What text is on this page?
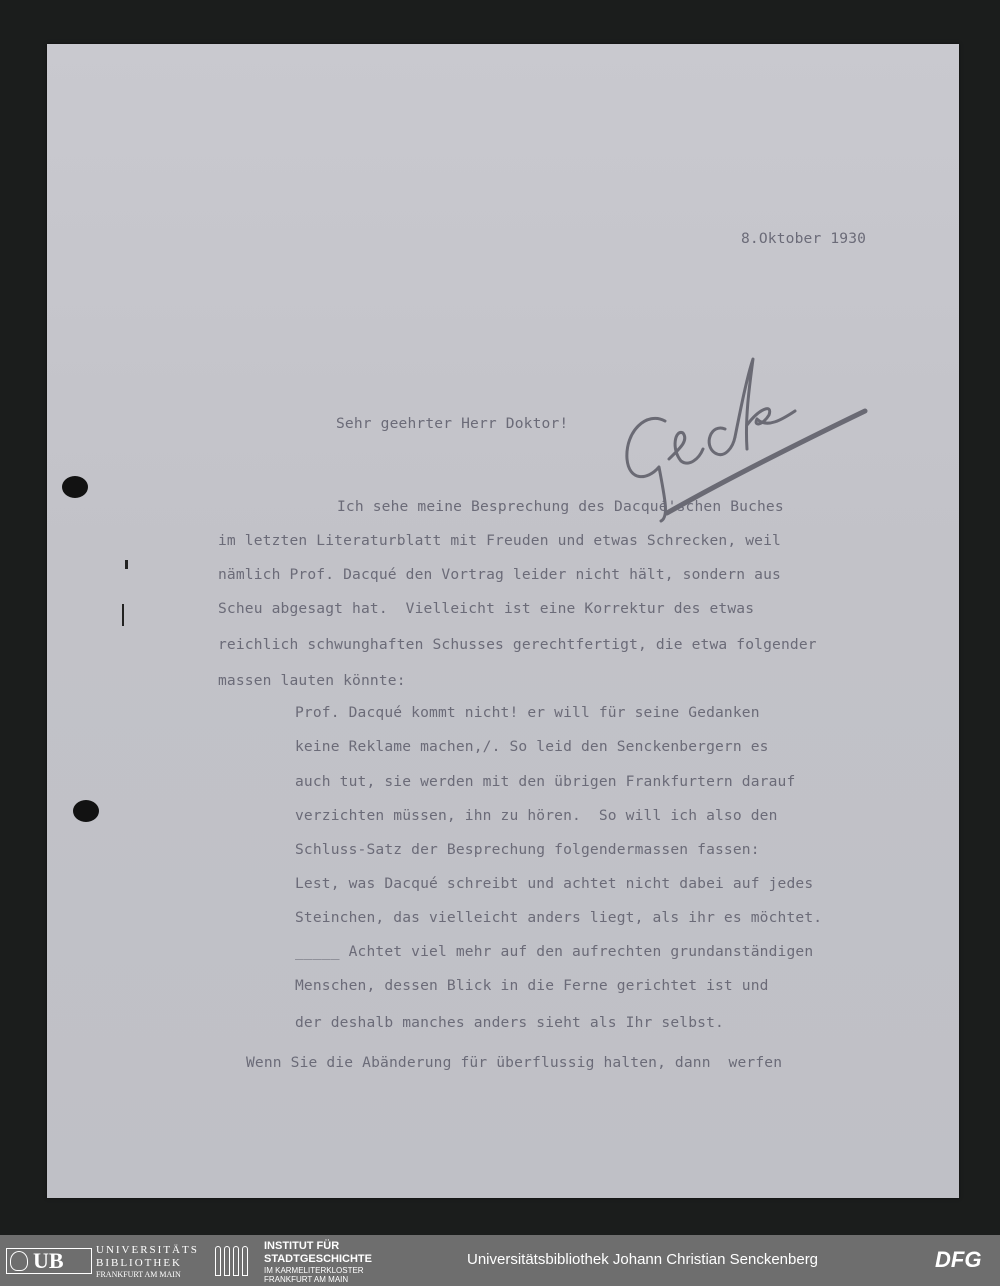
8.Oktober 1930

Sehr geehrter Herr Doktor!

Ich sehe meine Besprechung des Dacqué'schen Buches

im letzten Literaturblatt mit Freuden und etwas Schrecken, weil

nämlich Prof. Dacqué den Vortrag leider nicht hält, sondern aus

Scheu abgesagt hat.  Vielleicht ist eine Korrektur des etwas

reichlich schwunghaften Schusses gerechtfertigt, die etwa folgender

massen lauten könnte:

Prof. Dacqué kommt nicht! er will für seine Gedanken

keine Reklame machen,/. So leid den Senckenbergern es

auch tut, sie werden mit den übrigen Frankfurtern darauf

verzichten müssen, ihn zu hören.  So will ich also den

Schluss-Satz der Besprechung folgendermassen fassen:

Lest, was Dacqué schreibt und achtet nicht dabei auf jedes

Steinchen, das vielleicht anders liegt, als ihr es möchtet.

_____ Achtet viel mehr auf den aufrechten grundanständigen

Menschen, dessen Blick in die Ferne gerichtet ist und

der deshalb manches anders sieht als Ihr selbst.

Wenn Sie die Abänderung für überflussig halten, dann  werfen

UB	UNIVERSITÄTS
BIBLIOTHEK
FRANKFURT AM MAIN
INSTITUT FÜR
STADTGESCHICHTE
IM KARMELITERKLOSTER
FRANKFURT AM MAIN
Universitätsbibliothek Johann Christian Senckenberg	DFG
